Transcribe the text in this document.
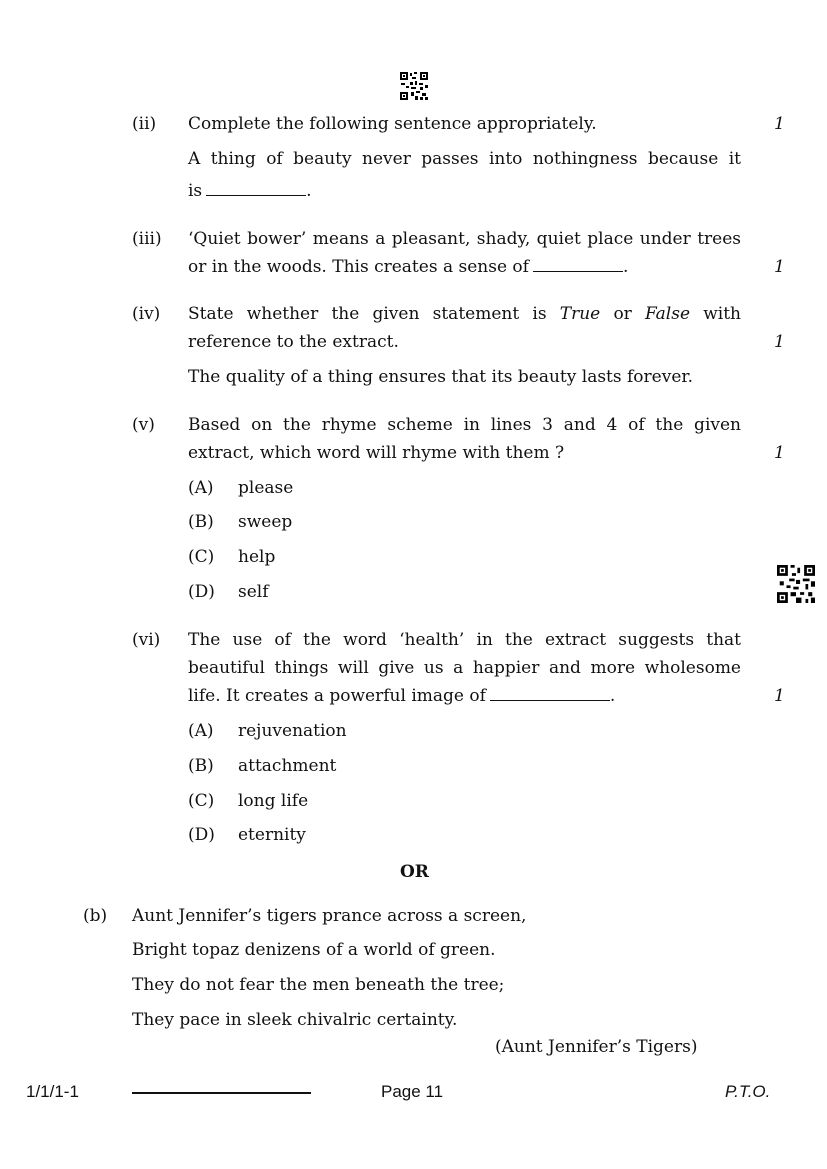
(ii) Complete the following sentence appropriately.	1
A thing of beauty never passes into nothingness because it
is	.
(iii) ‘Quiet bower’ means a pleasant, shady, quiet place under trees
or in the woods. This creates a sense of	.	1
(iv) State whether the given statement is True or False with
reference to the extract.	1
The quality of a thing ensures that its beauty lasts forever.
(v) Based on the rhyme scheme in lines 3 and 4 of the given
extract, which word will rhyme with them ?	1
(A) please
(B) sweep
(C) help
(D) self
(vi) The use of the word ‘health’ in the extract suggests that
beautiful things will give us a happier and more wholesome
life. It creates a powerful image of	.	1
(A) rejuvenation
(B) attachment
(C) long life
(D) eternity
OR
(b) Aunt Jennifer’s tigers prance across a screen,
Bright topaz denizens of a world of green.
They do not fear the men beneath the tree;
They pace in sleek chivalric certainty.
(Aunt Jennifer’s Tigers)
1/1/1-1	Page 11	P.T.O.
